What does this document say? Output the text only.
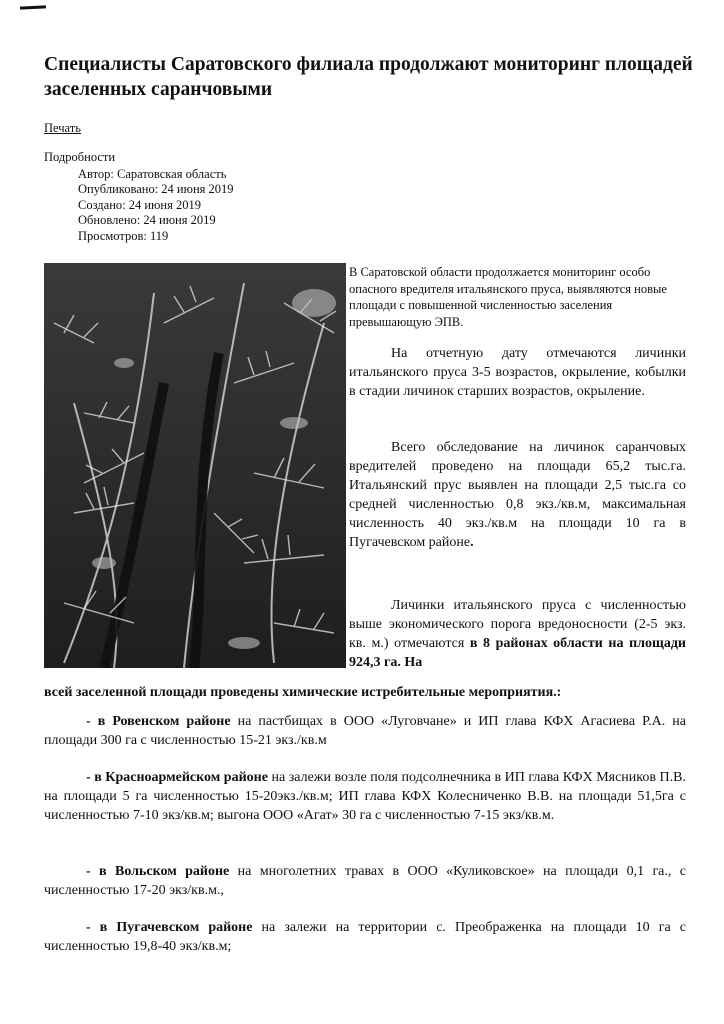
Специалисты Саратовского филиала продолжают мониторинг площадей заселенных саранчовыми
Печать
Подробности
Автор: Саратовская область
Опубликовано: 24 июня 2019
Создано: 24 июня 2019
Обновлено: 24 июня 2019
Просмотров: 119

В Саратовской области продолжается мониторинг особо опасного вредителя итальянского пруса, выявляются новые площади с повышенной численностью заселения превышающую ЭПВ.

На отчетную дату отмечаются личинки итальянского пруса 3-5 возрастов, окрыление, кобылки в стадии личинок старших возрастов, окрыление.

Всего обследование на личинок саранчовых вредителей проведено на площади 65,2 тыс.га. Итальянский прус выявлен на площади 2,5 тыс.га со средней численностью 0,8 экз./кв.м, максимальная численность 40 экз./кв.м на площади 10 га в Пугачевском районе.

Личинки итальянского пруса с численностью выше экономического порога вредоносности (2-5 экз. кв. м.) отмечаются в 8 районах области на площади 924,3 га. На

всей заселенной площади проведены химические истребительные мероприятия.:

- в Ровенском районе на пастбищах в ООО «Луговчане» и ИП глава КФХ Агасиева Р.А. на площади 300 га с численностью 15-21 экз./кв.м

- в Красноармейском районе на залежи возле поля подсолнечника в ИП глава КФХ Мясников П.В. на площади 5 га численностью 15-20экз./кв.м; ИП глава КФХ Колесниченко В.В. на площади 51,5га с численностью 7-10 экз/кв.м; выгона ООО «Агат» 30 га с численностью 7-15 экз/кв.м.

- в Вольском районе на многолетних травах в ООО «Куликовское» на площади 0,1 га., с численностью 17-20 экз/кв.м.,

- в Пугачевском районе на залежи на территории с. Преображенка на площади 10 га с численностью 19,8-40 экз/кв.м;
